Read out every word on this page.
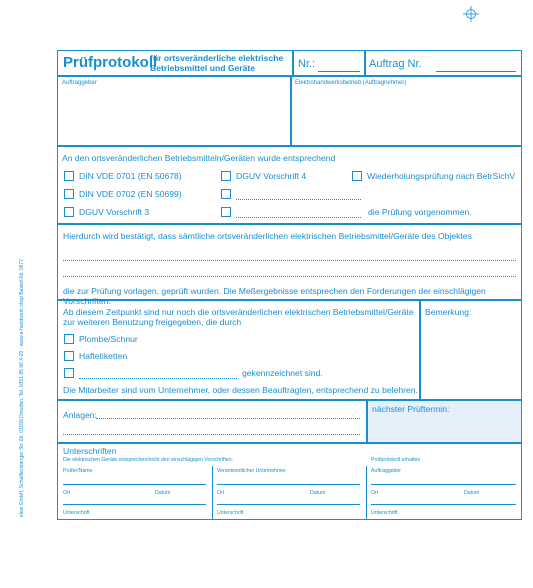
elew GmbH, Schaftlersberger Str. 66, 01159 Dresden, Tel. 0351 85 06 4-20 · www.e-handwerk.shop Bestell-Nr. 0677
Prüfprotokoll
für ortsveränderliche elektrische
Betriebsmittel und Geräte	Nr.:	Auftrag Nr.
Auftraggeber	Elektrohandwerksbetrieb (Auftragnehmer)
An den ortsveränderlichen Betriebsmitteln/Geräten wurde entsprechend
DIN VDE 0701 (EN 50678)	DGUV Vorschrift 4	Wiederholungsprüfung nach BetrSichV
DIN VDE 0702 (EN 50699)
DGUV Vorschrift 3	die Prüfung vorgenommen.
Hierdurch wird bestätigt, dass sämtliche ortsveränderlichen elektrischen Betriebsmittel/Geräte des Objektes
die zur Prüfung vorlagen, geprüft wurden. Die Meßergebnisse entsprechen den Forderungen der einschlägigen Vorschriften.
Ab diesem Zeitpunkt sind nur noch die ortsveränderlichen elektrischen Betriebsmittel/Geräte
zur weiteren Benutzung freigegeben, die durch
Plombe/Schnur
Haftetiketten
gekennzeichnet sind.
Die Mitarbeiter sind vom Unternehmer, oder dessen Beauftragten, entsprechend zu belehren.
Bemerkung:
Anlagen:
nächster Prüftermin:
Unterschriften
Die elektrischen Geräte entsprechen/nicht den einschlägigen Vorschriften.	Prüfprotokoll erhalten
Prüfer/Name
Ort	Datum
Unterschrift
Verantwortlicher Unternehmer
Ort	Datum
Unterschrift
Auftraggeber
Ort	Datum
Unterschrift
